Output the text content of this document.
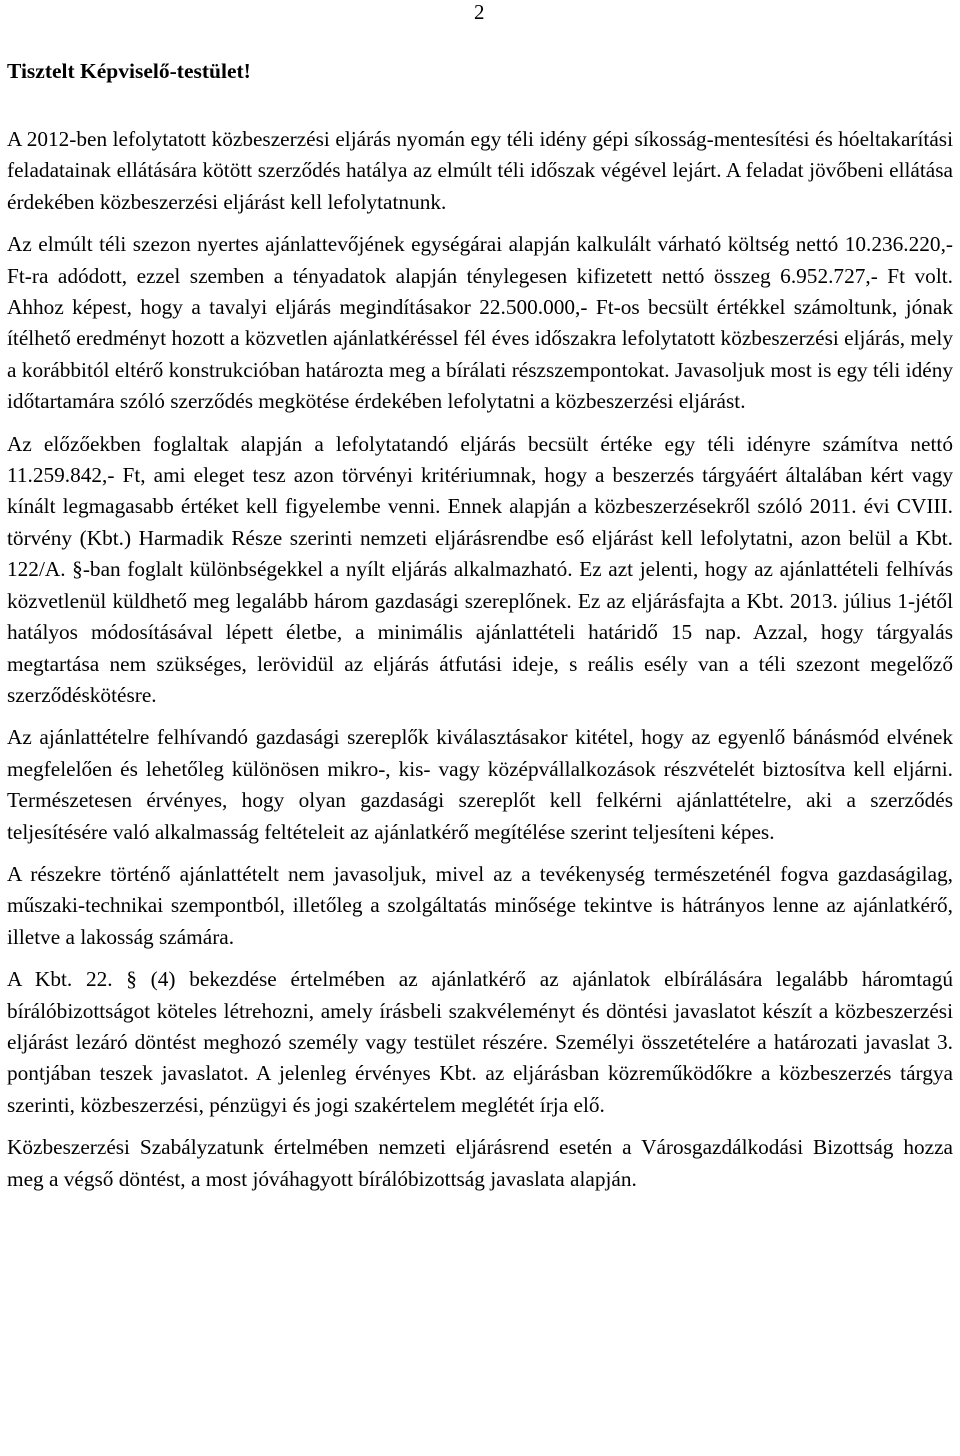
2
Tisztelt Képviselő-testület!

A 2012-ben lefolytatott közbeszerzési eljárás nyomán egy téli idény gépi síkosság-mentesítési és hóeltakarítási feladatainak ellátására kötött szerződés hatálya az elmúlt téli időszak végével lejárt. A feladat jövőbeni ellátása érdekében közbeszerzési eljárást kell lefolytatnunk.

Az elmúlt téli szezon nyertes ajánlattevőjének egységárai alapján kalkulált várható költség nettó 10.236.220,- Ft-ra adódott, ezzel szemben a tényadatok alapján ténylegesen kifizetett nettó összeg 6.952.727,- Ft volt. Ahhoz képest, hogy a tavalyi eljárás megindításakor 22.500.000,- Ft-os becsült értékkel számoltunk, jónak ítélhető eredményt hozott a közvetlen ajánlatkéréssel fél éves időszakra lefolytatott közbeszerzési eljárás, mely a korábbitól eltérő konstrukcióban határozta meg a bírálati részszempontokat. Javasoljuk most is egy téli idény időtartamára szóló szerződés megkötése érdekében lefolytatni a közbeszerzési eljárást.

Az előzőekben foglaltak alapján a lefolytatandó eljárás becsült értéke egy téli idényre számítva nettó 11.259.842,- Ft, ami eleget tesz azon törvényi kritériumnak, hogy a beszerzés tárgyáért általában kért vagy kínált legmagasabb értéket kell figyelembe venni. Ennek alapján a közbeszerzésekről szóló 2011. évi CVIII. törvény (Kbt.) Harmadik Része szerinti nemzeti eljárásrendbe eső eljárást kell lefolytatni, azon belül a Kbt. 122/A. §-ban foglalt különbségekkel a nyílt eljárás alkalmazható. Ez azt jelenti, hogy az ajánlattételi felhívás közvetlenül küldhető meg legalább három gazdasági szereplőnek. Ez az eljárásfajta a Kbt. 2013. július 1-jétől hatályos módosításával lépett életbe, a minimális ajánlattételi határidő 15 nap. Azzal, hogy tárgyalás megtartása nem szükséges, lerövidül az eljárás átfutási ideje, s reális esély van a téli szezont megelőző szerződéskötésre.

Az ajánlattételre felhívandó gazdasági szereplők kiválasztásakor kitétel, hogy az egyenlő bánásmód elvének megfelelően és lehetőleg különösen mikro-, kis- vagy középvállalkozások részvételét biztosítva kell eljárni. Természetesen érvényes, hogy olyan gazdasági szereplőt kell felkérni ajánlattételre, aki a szerződés teljesítésére való alkalmasság feltételeit az ajánlatkérő megítélése szerint teljesíteni képes.

A részekre történő ajánlattételt nem javasoljuk, mivel az a tevékenység természeténél fogva gazdaságilag, műszaki-technikai szempontból, illetőleg a szolgáltatás minősége tekintve is hátrányos lenne az ajánlatkérő, illetve a lakosság számára.

A Kbt. 22. § (4) bekezdése értelmében az ajánlatkérő az ajánlatok elbírálására legalább háromtagú bírálóbizottságot köteles létrehozni, amely írásbeli szakvéleményt és döntési javaslatot készít a közbeszerzési eljárást lezáró döntést meghozó személy vagy testület részére. Személyi összetételére a határozati javaslat 3. pontjában teszek javaslatot. A jelenleg érvényes Kbt. az eljárásban közreműködőkre a közbeszerzés tárgya szerinti, közbeszerzési, pénzügyi és jogi szakértelem meglétét írja elő.

Közbeszerzési Szabályzatunk értelmében nemzeti eljárásrend esetén a Városgazdálkodási Bizottság hozza meg a végső döntést, a most jóváhagyott bírálóbizottság javaslata alapján.
